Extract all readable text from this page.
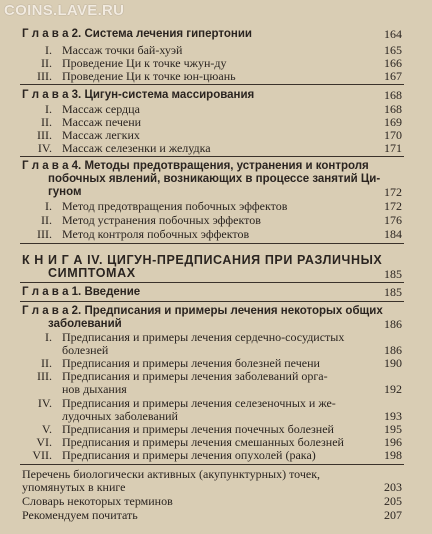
COINS.LAVE.RU
Г л а в а 2. Система лечения гипертонии	164
I. Массаж точки бай-хуэй	165
II. Проведение Ци к точке чжун-ду	166
III. Проведение Ци к точке юн-цюань	167
Г л а в а 3. Цигун-система массирования	168
I. Массаж сердца	168
II. Массаж печени	169
III. Массаж легких	170
IV. Массаж селезенки и желудка	171
Г л а в а 4. Методы предотвращения, устранения и контроля
побочных явлений, возникающих в процессе занятий Ци-
гуном	172
I. Метод предотвращения побочных эффектов	172
II. Метод устранения побочных эффектов	176
III. Метод контроля побочных эффектов	184
К Н И Г А IV. ЦИГУН-ПРЕДПИСАНИЯ ПРИ РАЗЛИЧНЫХ
СИМПТОМАХ	185
Г л а в а 1. Введение	185
Г л а в а 2. Предписания и примеры лечения некоторых общих
заболеваний	186
I. Предписания и примеры лечения сердечно-сосудистых
болезней	186
II. Предписания и примеры лечения болезней печени	190
III. Предписания и примеры лечения заболеваний орга-
нов дыхания	192
IV. Предписания и примеры лечения селезеночных и же-
лудочных заболеваний	193
V. Предписания и примеры лечения почечных болезней	195
VI. Предписания и примеры лечения смешанных болезней	196
VII. Предписания и примеры лечения опухолей (рака)	198
Перечень биологически активных (акупунктурных) точек,
упомянутых в книге	203
Словарь некоторых терминов	205
Рекомендуем почитать	207
